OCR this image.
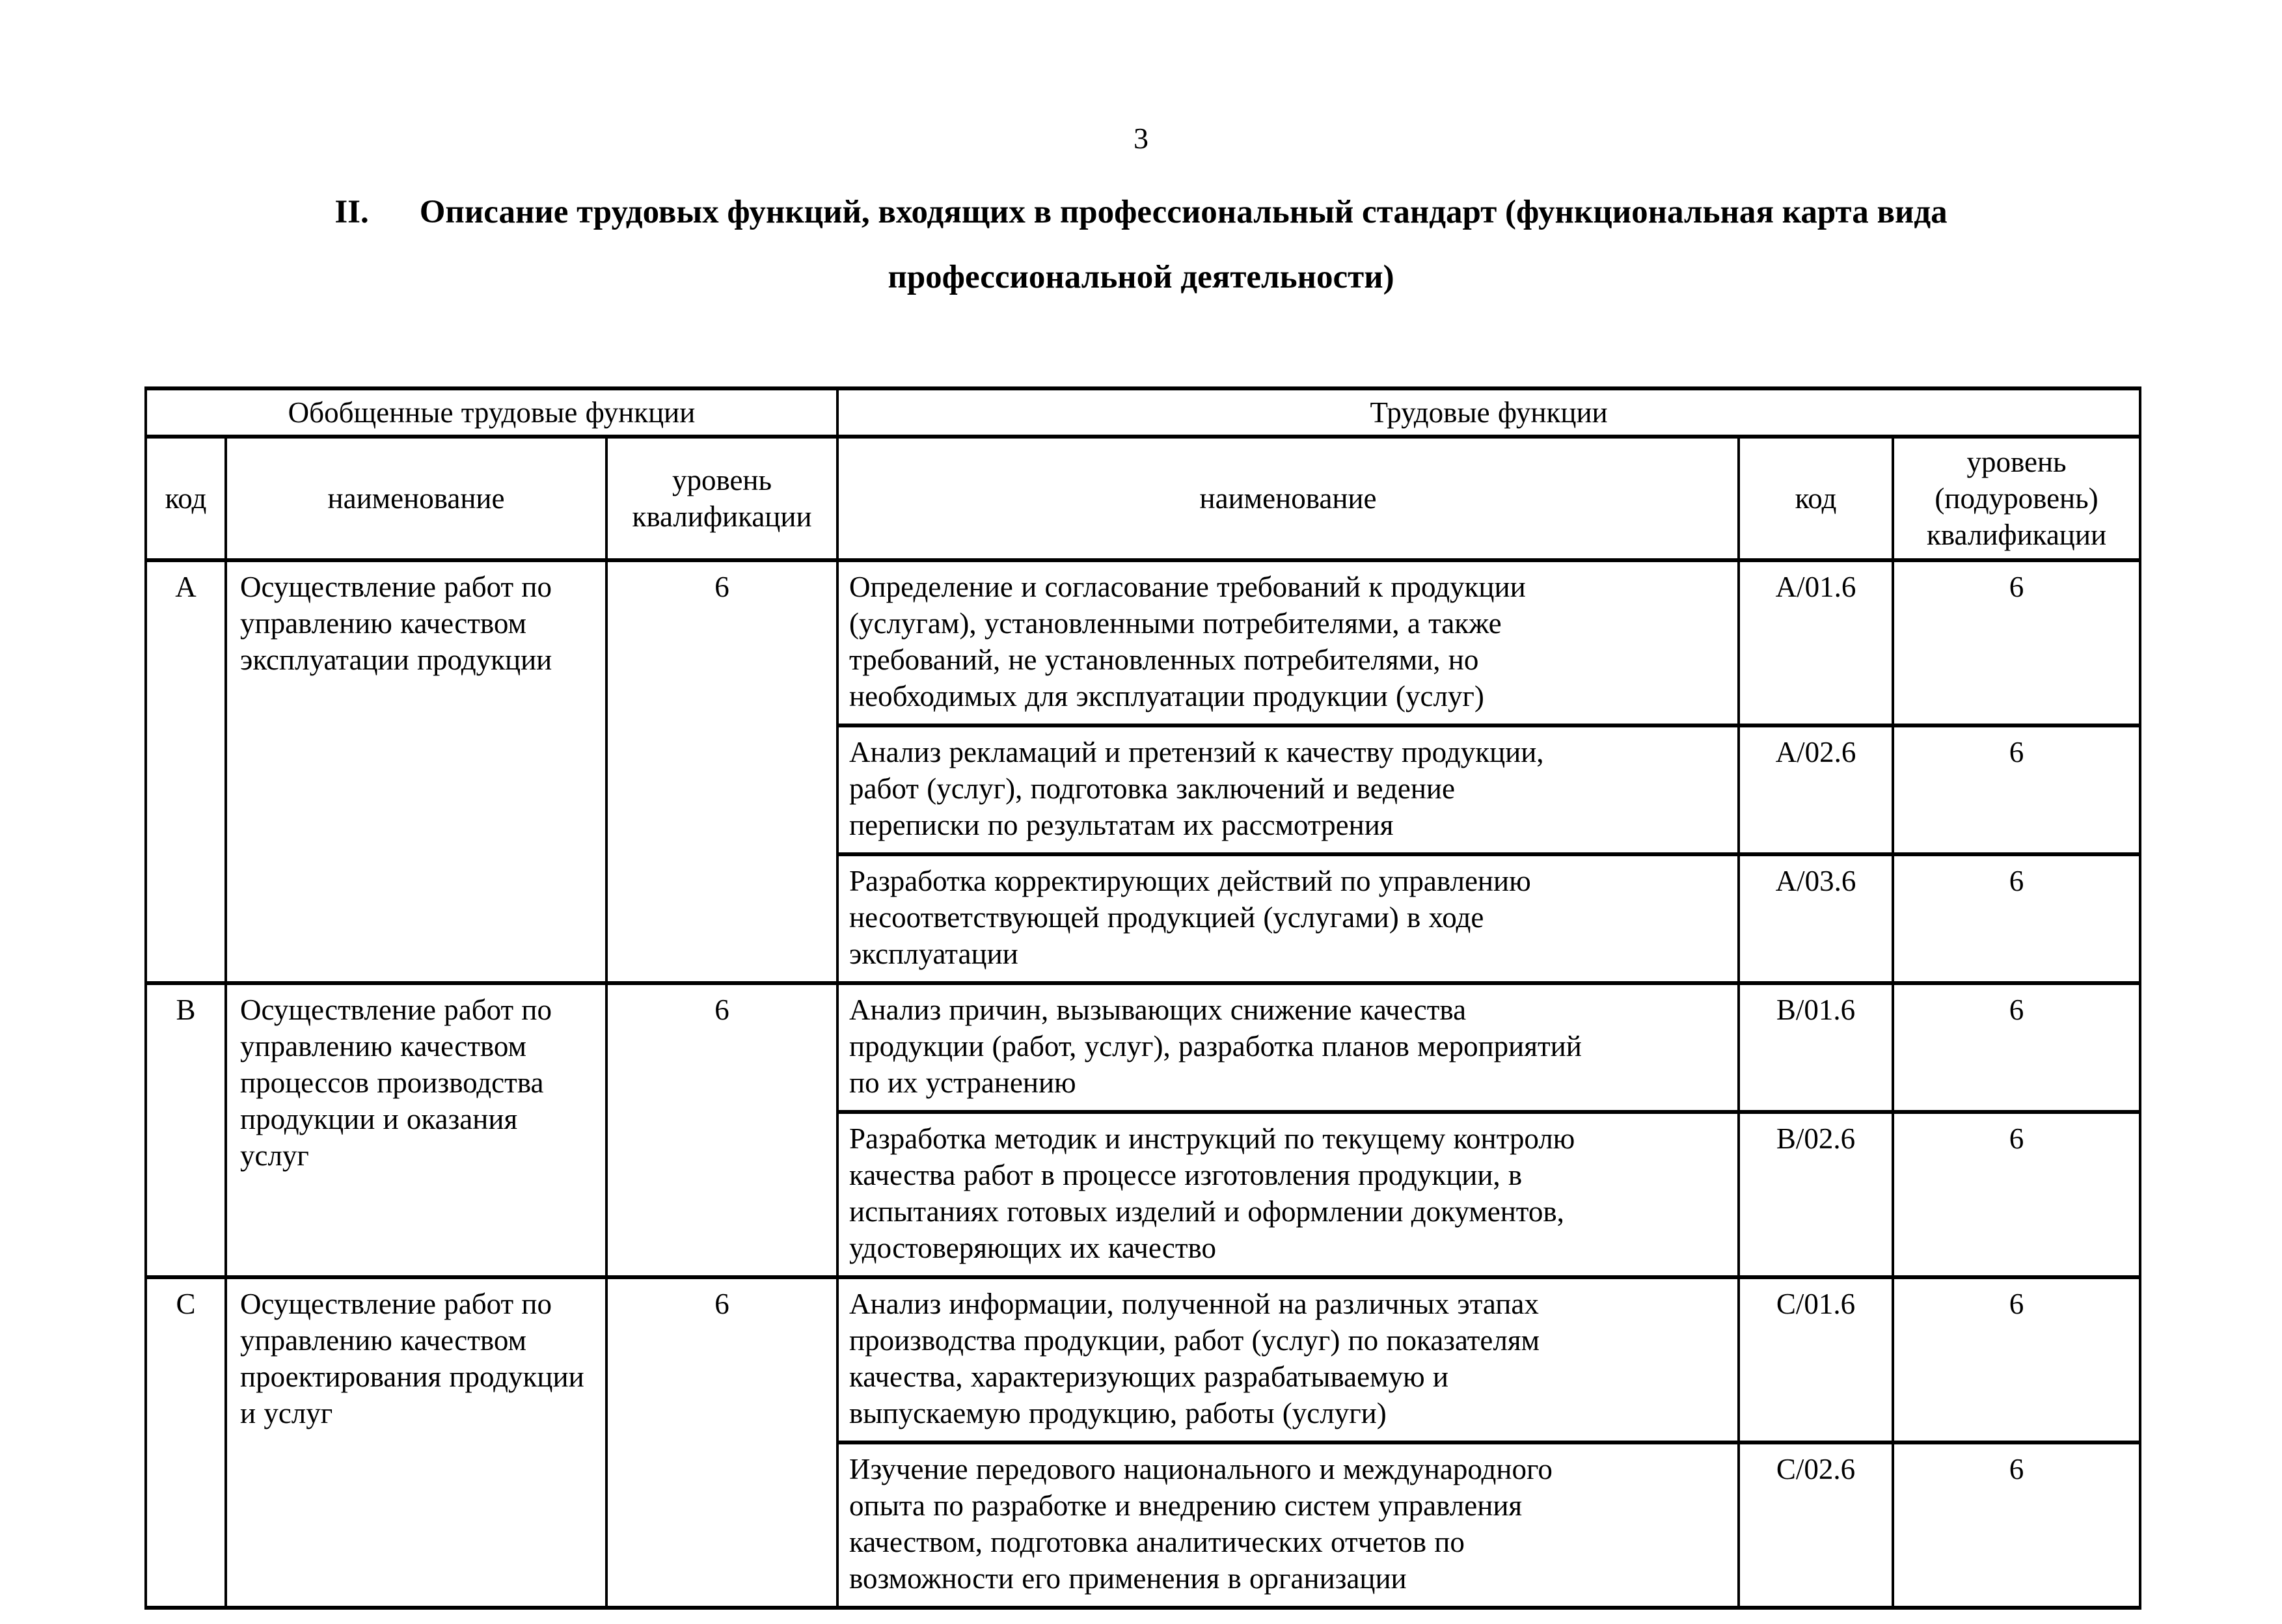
3
II. Описание трудовых функций, входящих в профессиональный стандарт (функциональная карта вида
профессиональной деятельности)
Обобщенные трудовые функции			Трудовые функции		
код	наименование	уровень квалификации	наименование	код	уровень (подуровень) квалификации
A	Осуществление работ по управлению качеством эксплуатации продукции	6	Определение и согласование требований к продукции (услугам), установленными потребителями, а также требований, не установленных потребителями, но необходимых для эксплуатации продукции (услуг)	A/01.6	6
			Анализ рекламаций и претензий к качеству продукции, работ (услуг), подготовка заключений и ведение переписки по результатам их рассмотрения	A/02.6	6
			Разработка корректирующих действий по управлению несоответствующей продукцией (услугами) в ходе эксплуатации	A/03.6	6
B	Осуществление работ по управлению качеством процессов производства продукции и оказания услуг	6	Анализ причин, вызывающих снижение качества продукции (работ, услуг), разработка планов мероприятий по их устранению	B/01.6	6
			Разработка методик и инструкций по текущему контролю качества работ в процессе изготовления продукции, в испытаниях готовых изделий и оформлении документов, удостоверяющих их качество	B/02.6	6
C	Осуществление работ по управлению качеством проектирования продукции и услуг	6	Анализ информации, полученной на различных этапах производства продукции, работ (услуг) по показателям качества, характеризующих разрабатываемую и выпускаемую продукцию, работы (услуги)	C/01.6	6
			Изучение передового национального и международного опыта по разработке и внедрению систем управления качеством, подготовка аналитических отчетов по возможности его применения в организации	C/02.6	6
